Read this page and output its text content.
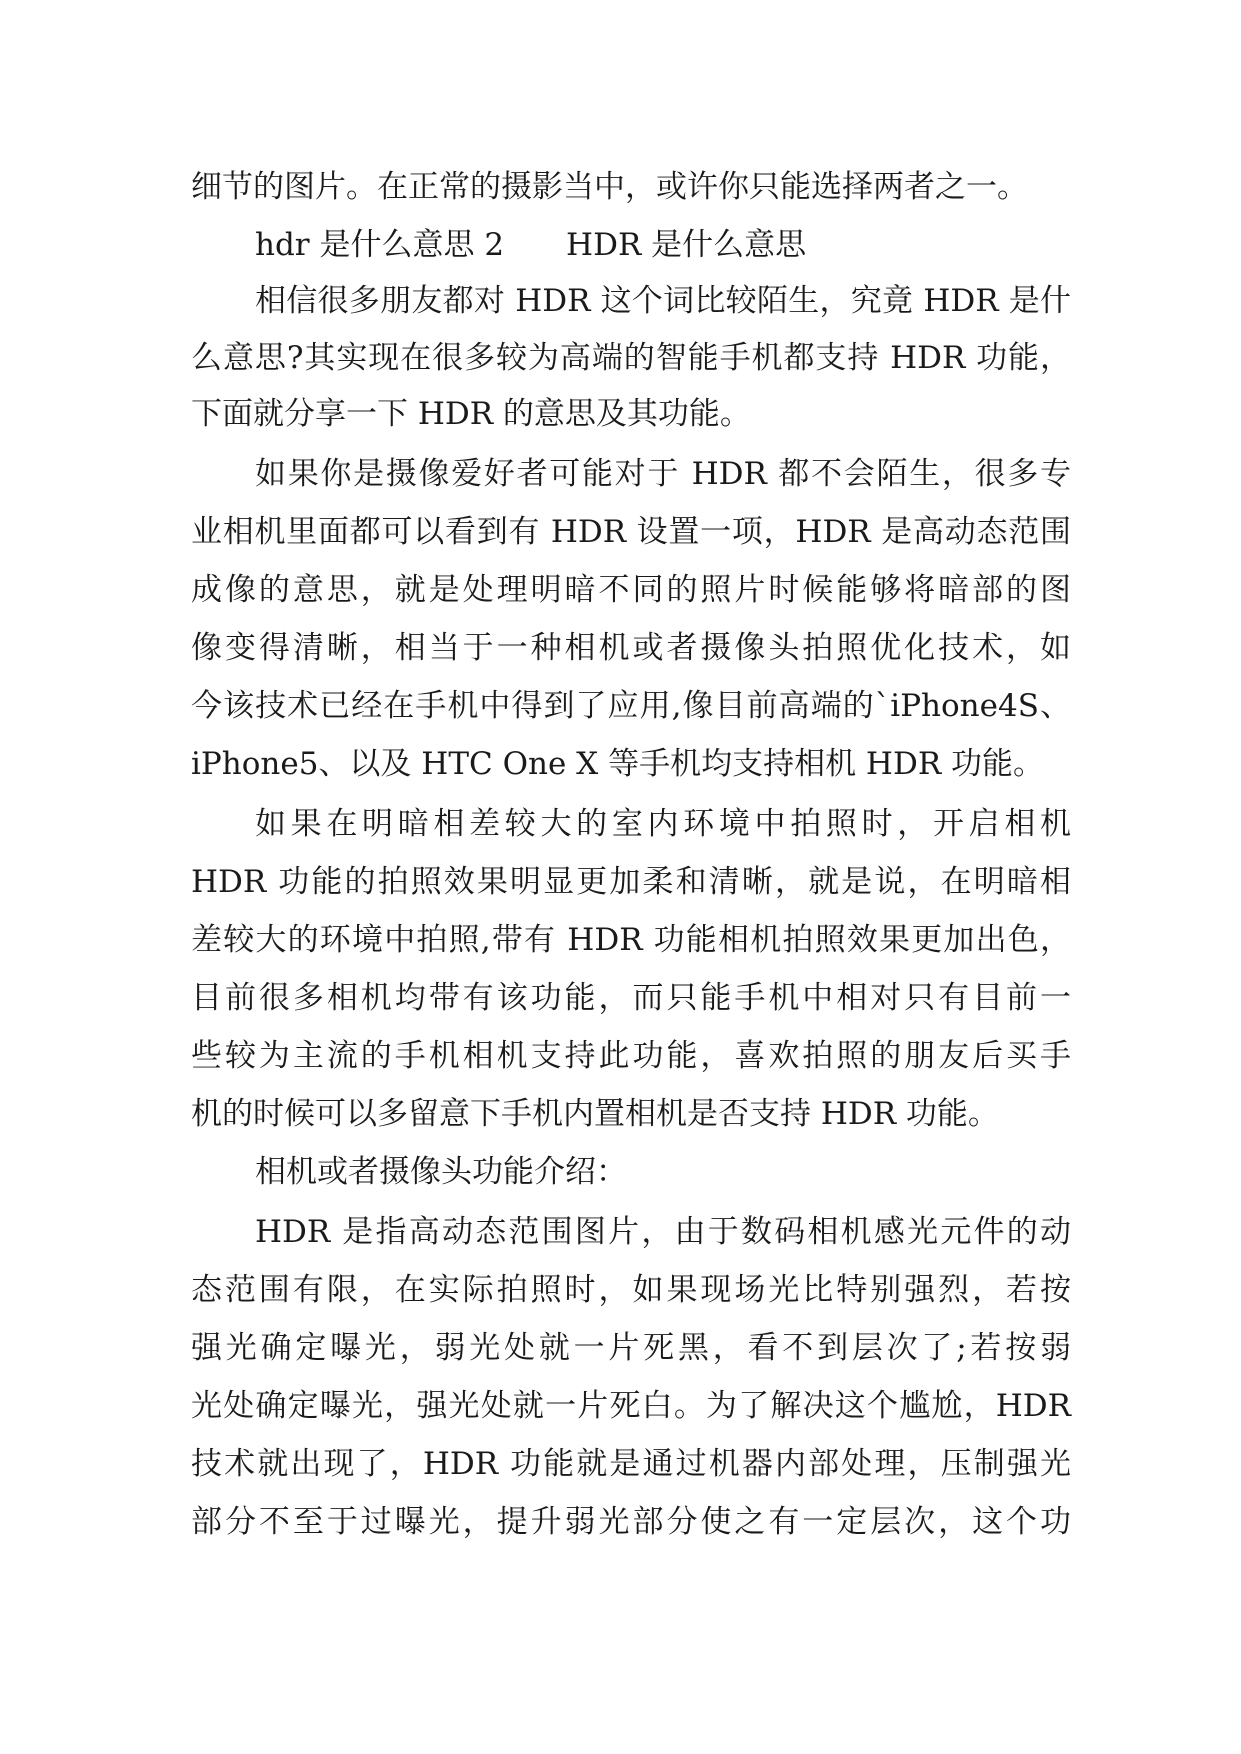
细节的图片。在正常的摄影当中，或许你只能选择两者之一。
hdr 是什么意思 2　　HDR 是什么意思
相信很多朋友都对 HDR 这个词比较陌生，究竟 HDR 是什
么意思?其实现在很多较为高端的智能手机都支持 HDR 功能，
下面就分享一下 HDR 的意思及其功能。
如果你是摄像爱好者可能对于 HDR 都不会陌生，很多专
业相机里面都可以看到有 HDR 设置一项，HDR 是高动态范围
成像的意思，就是处理明暗不同的照片时候能够将暗部的图
像变得清晰，相当于一种相机或者摄像头拍照优化技术，如
今该技术已经在手机中得到了应用,像目前高端的`iPhone4S、
iPhone5、以及 HTC One X 等手机均支持相机 HDR 功能。
如果在明暗相差较大的室内环境中拍照时，开启相机
HDR 功能的拍照效果明显更加柔和清晰，就是说，在明暗相
差较大的环境中拍照,带有 HDR 功能相机拍照效果更加出色，
目前很多相机均带有该功能，而只能手机中相对只有目前一
些较为主流的手机相机支持此功能，喜欢拍照的朋友后买手
机的时候可以多留意下手机内置相机是否支持 HDR 功能。
相机或者摄像头功能介绍：
HDR 是指高动态范围图片，由于数码相机感光元件的动
态范围有限，在实际拍照时，如果现场光比特别强烈，若按
强光确定曝光，弱光处就一片死黑，看不到层次了;若按弱
光处确定曝光，强光处就一片死白。为了解决这个尴尬，HDR
技术就出现了，HDR 功能就是通过机器内部处理，压制强光
部分不至于过曝光，提升弱光部分使之有一定层次，这个功
